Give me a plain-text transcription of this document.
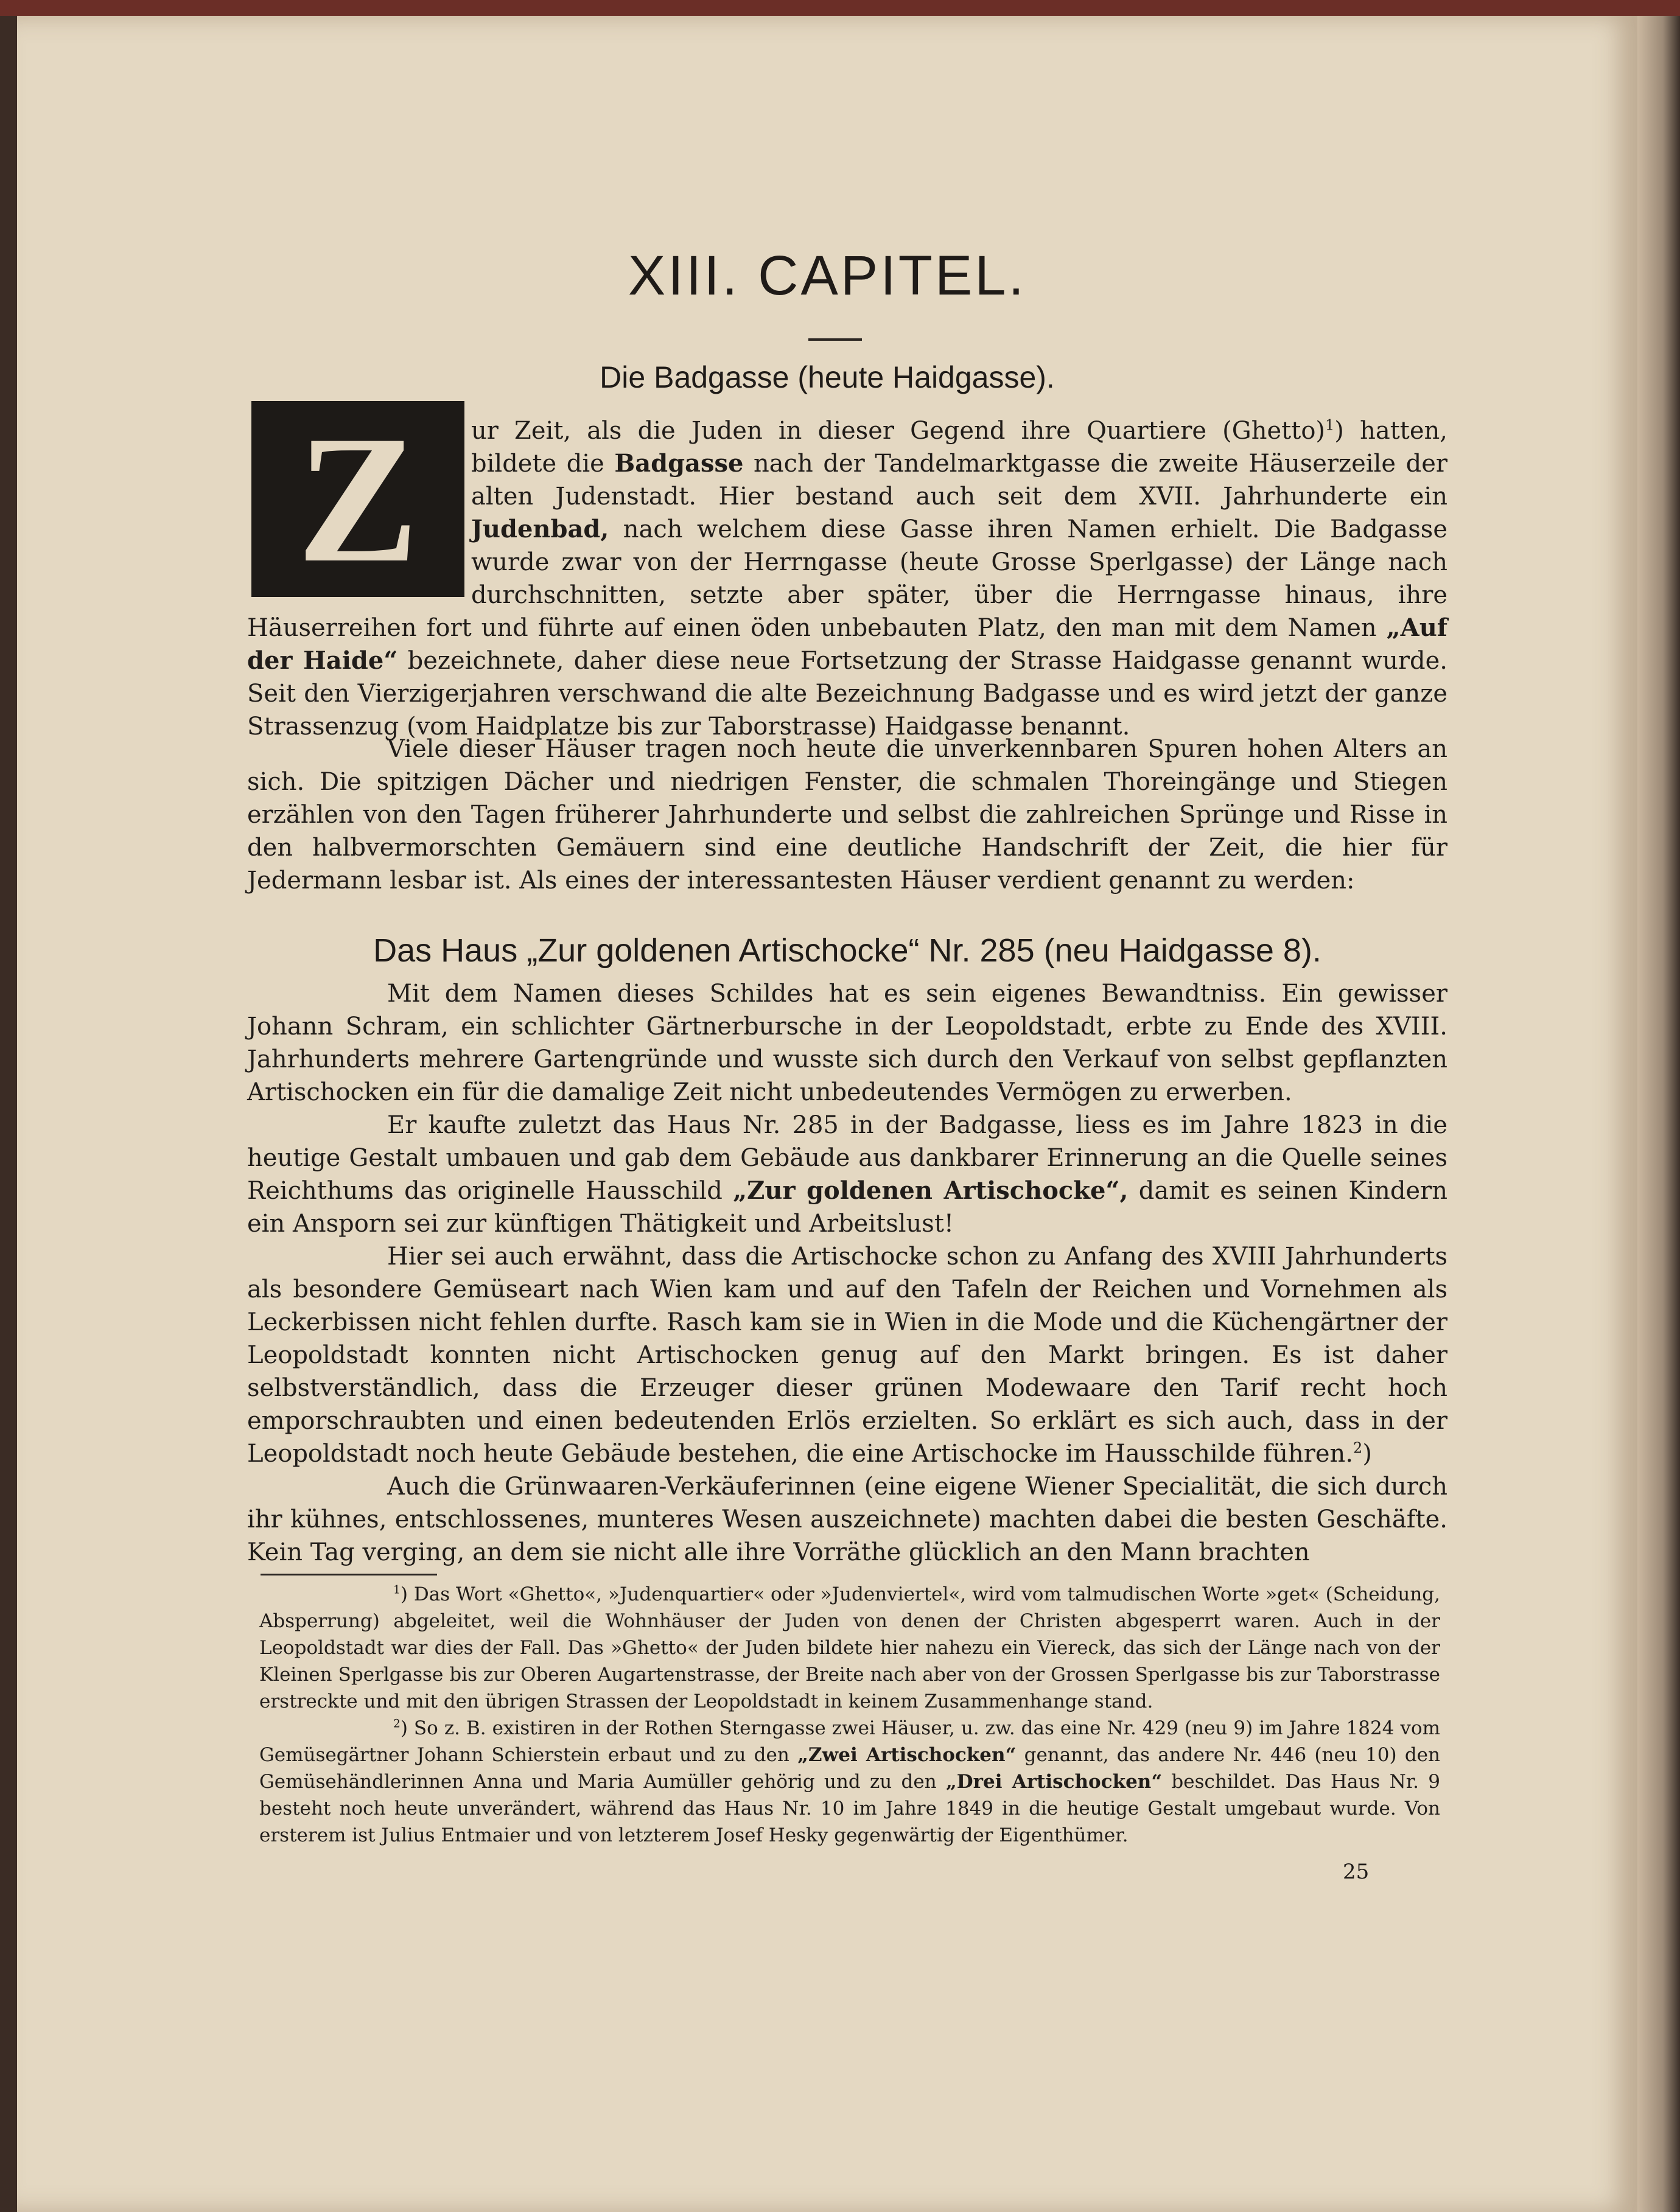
XIII. CAPITEL.
Die Badgasse (heute Haidgasse).
Z	ur Zeit, als die Juden in dieser Gegend ihre Quartiere (Ghetto)$^1$) hatten, bildete die Badgasse nach der Tandelmarktgasse die zweite Häuserzeile der alten Judenstadt. Hier bestand auch seit dem XVII. Jahrhunderte ein Judenbad, nach welchem diese Gasse ihren Namen erhielt. Die Badgasse wurde zwar von der Herrngasse (heute Grosse Sperlgasse) der Länge nach durchschnitten, setzte aber später, über die Herrngasse hinaus, ihre Häuserreihen fort und führte auf einen öden unbebauten Platz, den man mit dem Namen „Auf der Haide“ bezeichnete, daher diese neue Fortsetzung der Strasse Haidgasse genannt wurde. Seit den Vierzigerjahren verschwand die alte Bezeichnung Badgasse und es wird jetzt der ganze Strassenzug (vom Haidplatze bis zur Taborstrasse) Haidgasse benannt.

Viele dieser Häuser tragen noch heute die unverkennbaren Spuren hohen Alters an sich. Die spitzigen Dächer und niedrigen Fenster, die schmalen Thoreingänge und Stiegen erzählen von den Tagen früherer Jahrhunderte und selbst die zahlreichen Sprünge und Risse in den halbvermorschten Gemäuern sind eine deutliche Handschrift der Zeit, die hier für Jedermann lesbar ist. Als eines der interessantesten Häuser verdient genannt zu werden:

Das Haus „Zur goldenen Artischocke“ Nr. 285 (neu Haidgasse 8).

Mit dem Namen dieses Schildes hat es sein eigenes Bewandtniss. Ein gewisser Johann Schram, ein schlichter Gärtnerbursche in der Leopoldstadt, erbte zu Ende des XVIII. Jahrhunderts mehrere Gartengründe und wusste sich durch den Verkauf von selbst gepflanzten Artischocken ein für die damalige Zeit nicht unbedeutendes Vermögen zu erwerben.

Er kaufte zuletzt das Haus Nr. 285 in der Badgasse, liess es im Jahre 1823 in die heutige Gestalt umbauen und gab dem Gebäude aus dankbarer Erinnerung an die Quelle seines Reichthums das originelle Hausschild „Zur goldenen Artischocke“, damit es seinen Kindern ein Ansporn sei zur künftigen Thätigkeit und Arbeitslust!

Hier sei auch erwähnt, dass die Artischocke schon zu Anfang des XVIII Jahrhunderts als besondere Gemüseart nach Wien kam und auf den Tafeln der Reichen und Vornehmen als Leckerbissen nicht fehlen durfte. Rasch kam sie in Wien in die Mode und die Küchengärtner der Leopoldstadt konnten nicht Artischocken genug auf den Markt bringen. Es ist daher selbstverständlich, dass die Erzeuger dieser grünen Modewaare den Tarif recht hoch emporschraubten und einen bedeutenden Erlös erzielten. So erklärt es sich auch, dass in der Leopoldstadt noch heute Gebäude bestehen, die eine Artischocke im Hausschilde führen.$^2$)

Auch die Grünwaaren-Verkäuferinnen (eine eigene Wiener Specialität, die sich durch ihr kühnes, entschlossenes, munteres Wesen auszeichnete) machten dabei die besten Geschäfte. Kein Tag verging, an dem sie nicht alle ihre Vorräthe glücklich an den Mann brachten

$^1$) Das Wort «Ghetto«, »Judenquartier« oder »Judenviertel«, wird vom talmudischen Worte »get« (Scheidung, Absperrung) abgeleitet, weil die Wohnhäuser der Juden von denen der Christen abgesperrt waren. Auch in der Leopoldstadt war dies der Fall. Das »Ghetto« der Juden bildete hier nahezu ein Viereck, das sich der Länge nach von der Kleinen Sperlgasse bis zur Oberen Augartenstrasse, der Breite nach aber von der Grossen Sperlgasse bis zur Taborstrasse erstreckte und mit den übrigen Strassen der Leopoldstadt in keinem Zusammenhange stand.

$^2$) So z. B. existiren in der Rothen Sterngasse zwei Häuser, u. zw. das eine Nr. 429 (neu 9) im Jahre 1824 vom Gemüsegärtner Johann Schierstein erbaut und zu den „Zwei Artischocken“ genannt, das andere Nr. 446 (neu 10) den Gemüsehändlerinnen Anna und Maria Aumüller gehörig und zu den „Drei Artischocken“ beschildet. Das Haus Nr. 9 besteht noch heute unverändert, während das Haus Nr. 10 im Jahre 1849 in die heutige Gestalt umgebaut wurde. Von ersterem ist Julius Entmaier und von letzterem Josef Hesky gegenwärtig der Eigenthümer.

25
